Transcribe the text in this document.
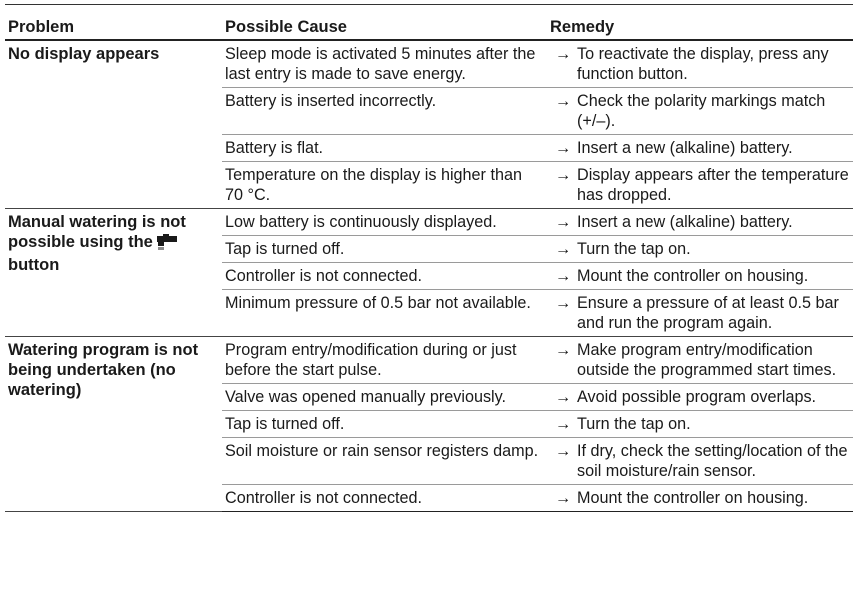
Problem	Possible Cause	Remedy
No display appears	Sleep mode is activated 5 minutes after the last entry is made to save energy.	→ To reactivate the display, press any function button.

	Battery is inserted incorrectly.	→ Check the polarity markings match (+/–).

	Battery is flat.	→ Insert a new (alkaline) battery.

	Temperature on the display is higher than 70 °C.	→ Display appears after the temperature has dropped.

Manual watering is not possible using the button	Low battery is continuously displayed.	→ Insert a new (alkaline) battery.

	Tap is turned off.	→ Turn the tap on.

	Controller is not connected.	→ Mount the controller on housing.

	Minimum pressure of 0.5 bar not available.	→ Ensure a pressure of at least 0.5 bar and run the program again.

Watering program is not being undertaken (no watering)	Program entry/modification during or just before the start pulse.	→ Make program entry/modification outside the programmed start times.

	Valve was opened manually previously.	→ Avoid possible program overlaps.

	Tap is turned off.	→ Turn the tap on.

	Soil moisture or rain sensor registers damp.	→ If dry, check the setting/location of the soil moisture/rain sensor.

	Controller is not connected.	→ Mount the controller on housing.
